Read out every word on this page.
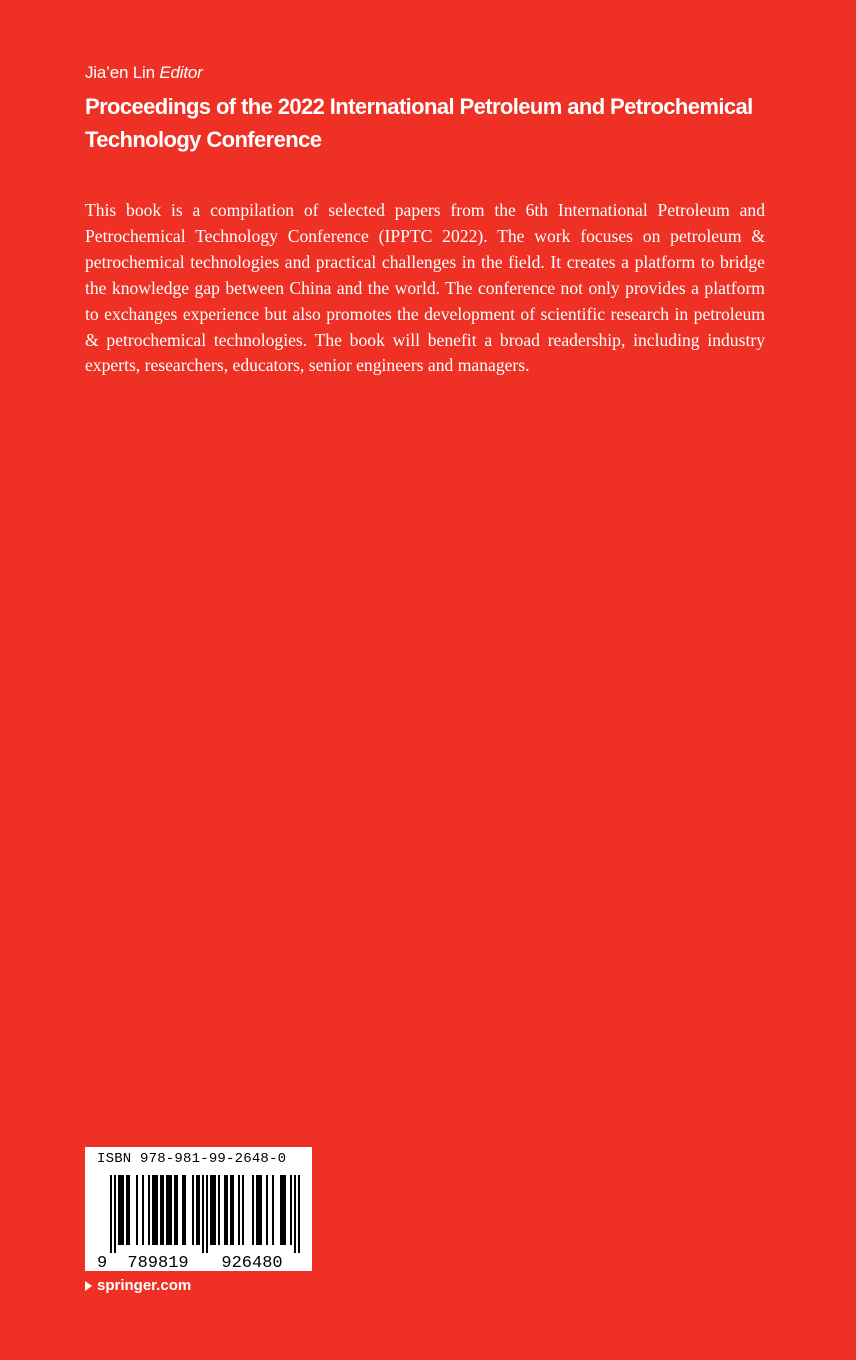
Jia’en Lin Editor
Proceedings of the 2022 International Petroleum and Petrochemical Technology Conference

This book is a compilation of selected papers from the 6th International Petroleum and Petrochemical Technology Conference (IPPTC 2022). The work focuses on petroleum & petrochemical technologies and practical challenges in the field. It creates a platform to bridge the knowledge gap between China and the world. The conference not only provides a platform to exchanges experience but also promotes the development of scientific research in petroleum & petrochemical technologies. The book will benefit a broad readership, including industry experts, researchers, educators, senior engineers and managers.

ISBN 978-981-99-2648-0
9 789819 926480
springer.com
